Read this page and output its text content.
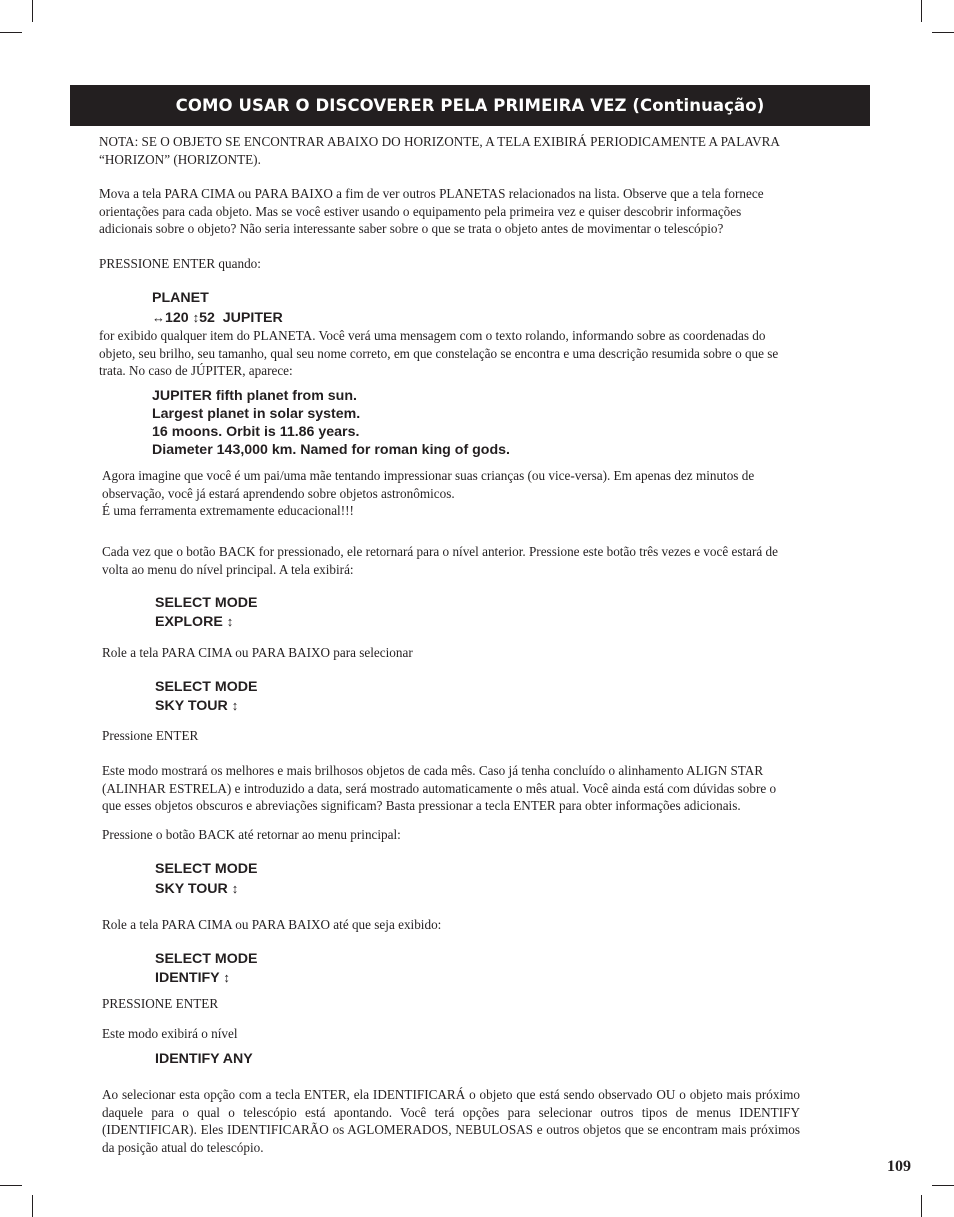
COMO USAR O DISCOVERER PELA PRIMEIRA VEZ (Continuação)

NOTA: SE O OBJETO SE ENCONTRAR ABAIXO DO HORIZONTE, A TELA EXIBIRÁ PERIODICAMENTE A PALAVRA

“HORIZON” (HORIZONTE).

Mova a tela PARA CIMA ou PARA BAIXO a fim de ver outros PLANETAS relacionados na lista. Observe que a tela fornece

orientações para cada objeto. Mas se você estiver usando o equipamento pela primeira vez e quiser descobrir informações

adicionais sobre o objeto? Não seria interessante saber sobre o que se trata o objeto antes de movimentar o telescópio?

PRESSIONE ENTER quando:

PLANET
↔120 ↕52 JUPITER

for exibido qualquer item do PLANETA. Você verá uma mensagem com o texto rolando, informando sobre as coordenadas do

objeto, seu brilho, seu tamanho, qual seu nome correto, em que constelação se encontra e uma descrição resumida sobre o que se

trata. No caso de JÚPITER, aparece:

JUPITER fifth planet from sun.
Largest planet in solar system.
16 moons. Orbit is 11.86 years.
Diameter 143,000 km. Named for roman king of gods.

Agora imagine que você é um pai/uma mãe tentando impressionar suas crianças (ou vice-versa). Em apenas dez minutos de

observação, você já estará aprendendo sobre objetos astronômicos.

É uma ferramenta extremamente educacional!!!

Cada vez que o botão BACK for pressionado, ele retornará para o nível anterior. Pressione este botão três vezes e você estará de

volta ao menu do nível principal. A tela exibirá:

SELECT MODE
EXPLORE ↕

Role a tela PARA CIMA ou PARA BAIXO para selecionar

SELECT MODE
SKY TOUR ↕

Pressione ENTER

Este modo mostrará os melhores e mais brilhosos objetos de cada mês. Caso já tenha concluído o alinhamento ALIGN STAR

(ALINHAR ESTRELA) e introduzido a data, será mostrado automaticamente o mês atual. Você ainda está com dúvidas sobre o

que esses objetos obscuros e abreviações significam? Basta pressionar a tecla ENTER para obter informações adicionais.

Pressione o botão BACK até retornar ao menu principal:

SELECT MODE
SKY TOUR ↕

Role a tela PARA CIMA ou PARA BAIXO até que seja exibido:

SELECT MODE
IDENTIFY ↕

PRESSIONE ENTER

Este modo exibirá o nível

IDENTIFY ANY

Ao selecionar esta opção com a tecla ENTER, ela IDENTIFICARÁ o objeto que está sendo observado OU o objeto mais próximo daquele para o qual o telescópio está apontando. Você terá opções para selecionar outros tipos de menus IDENTIFY (IDENTIFICAR). Eles IDENTIFICARÃO os AGLOMERADOS, NEBULOSAS e outros objetos que se encontram mais próximos da posição atual do telescópio.

109
